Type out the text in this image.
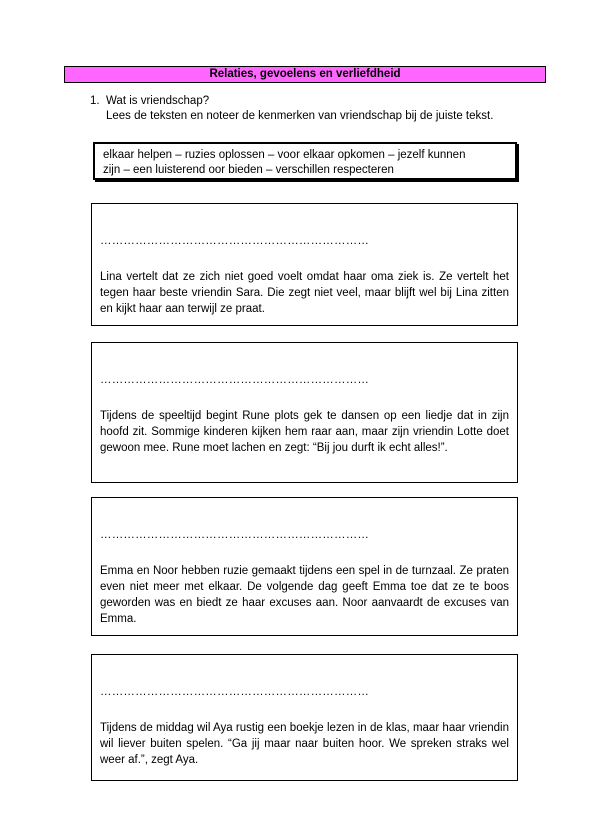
Relaties, gevoelens en verliefdheid
1. Wat is vriendschap?
Lees de teksten en noteer de kenmerken van vriendschap bij de juiste tekst.
elkaar helpen – ruzies oplossen – voor elkaar opkomen – jezelf kunnen
zijn – een luisterend oor bieden – verschillen respecteren
……………………………………………………………
Lina vertelt dat ze zich niet goed voelt omdat haar oma ziek is. Ze vertelt het tegen haar beste vriendin Sara. Die zegt niet veel, maar blijft wel bij Lina zitten en kijkt haar aan terwijl ze praat.
……………………………………………………………
Tijdens de speeltijd begint Rune plots gek te dansen op een liedje dat in zijn hoofd zit. Sommige kinderen kijken hem raar aan, maar zijn vriendin Lotte doet gewoon mee. Rune moet lachen en zegt: “Bij jou durft ik echt alles!”.
……………………………………………………………
Emma en Noor hebben ruzie gemaakt tijdens een spel in de turnzaal. Ze praten even niet meer met elkaar. De volgende dag geeft Emma toe dat ze te boos geworden was en biedt ze haar excuses aan. Noor aanvaardt de excuses van Emma.
……………………………………………………………
Tijdens de middag wil Aya rustig een boekje lezen in de klas, maar haar vriendin wil liever buiten spelen. “Ga jij maar naar buiten hoor. We spreken straks wel weer af.”, zegt Aya.
